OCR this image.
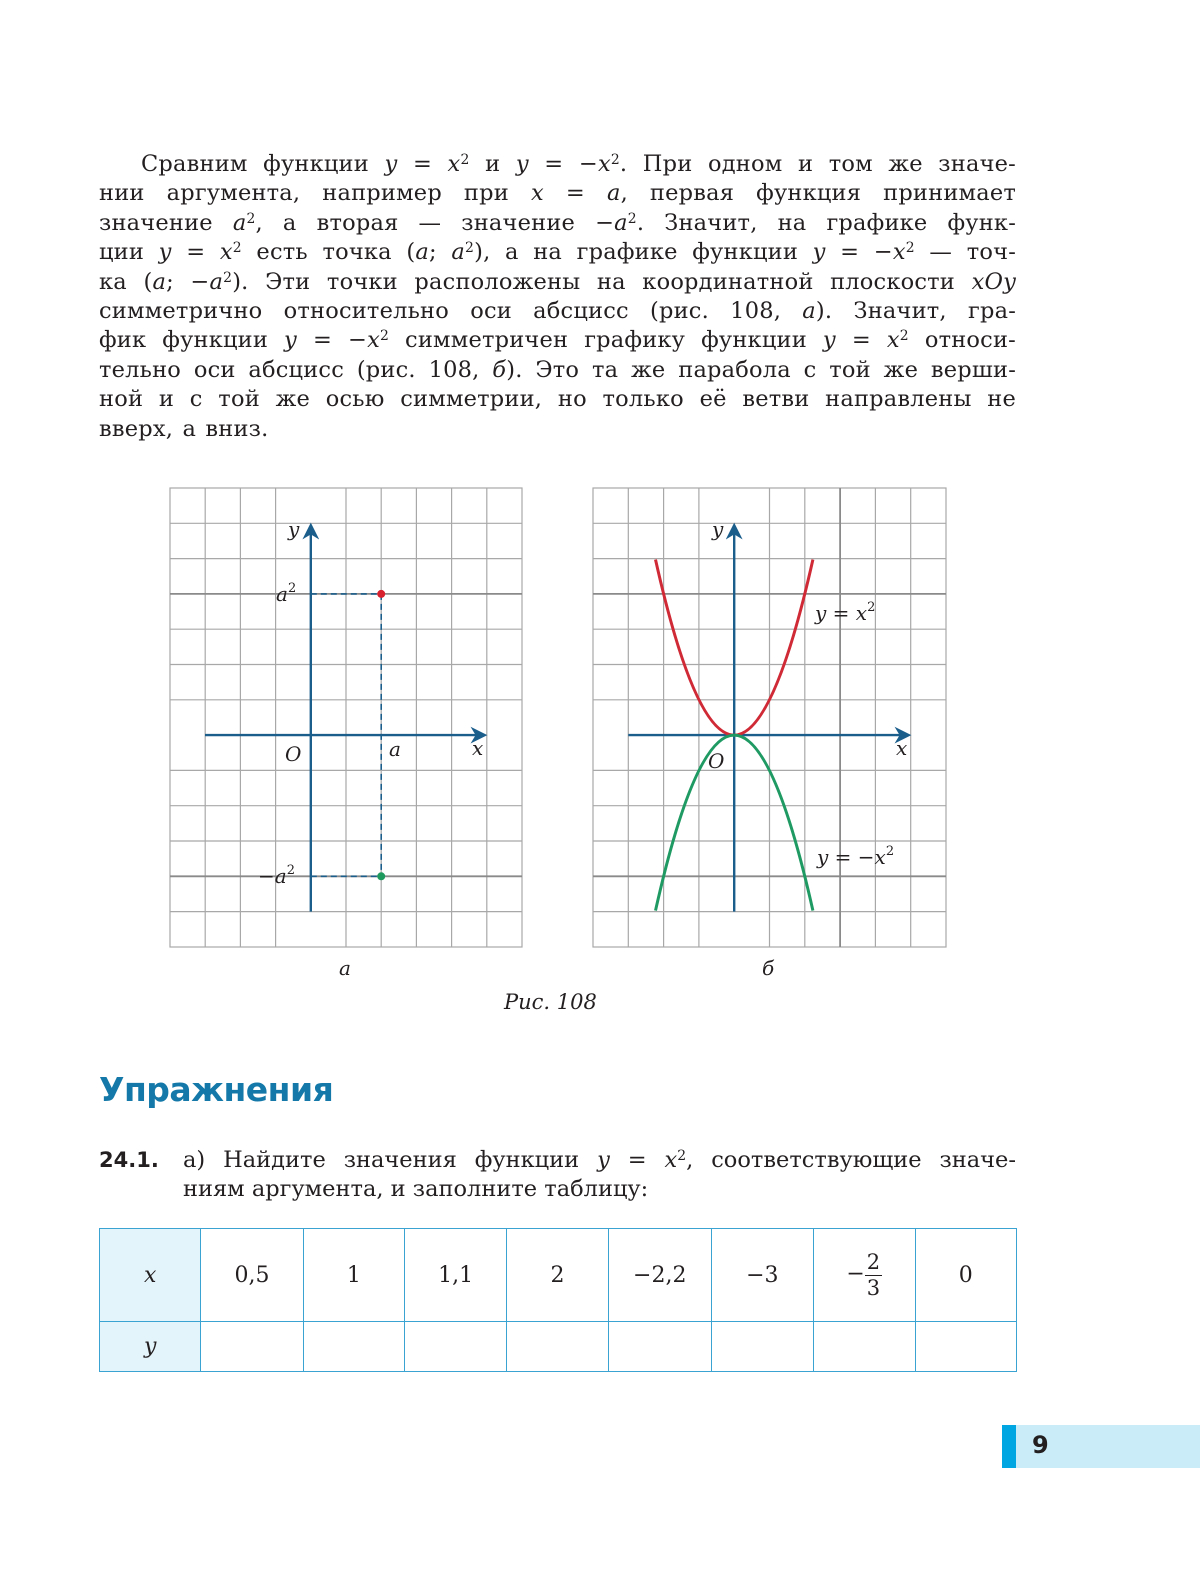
Сравним функции $y = x^2$ и $y = -x^2$. При одном и том же значе-
нии аргумента, например при x = a, первая функция принимает
значение $a^2$, а вторая — значение $-a^2$. Значит, на графике функ-
ции $y = x^2$ есть точка (a; $a^2$), а на графике функции $y = -x^2$ — точ-
ка (a; $-a^2$). Эти точки расположены на координатной плоскости xOy
симметрично относительно оси абсцисс (рис. 108, a). Значит, гра-
фик функции $y = -x^2$ симметричен графику функции $y = x^2$ относи-
тельно оси абсцисс (рис. 108, б). Это та же парабола с той же верши-
ной и с той же осью симметрии, но только её ветви направлены не
вверх, а вниз.
y
x
O	a
$a^2$
$-a^2$
y
x
O
$y = x^2$
$y = -x^2$
a	б
Рис. 108
Упражнения
24.1. а) Найдите значения функции $y = x^2$, соответствующие значе-
ниям аргумента, и заполните таблицу:
x	0,5	1	1,1	2	−2,2	−3	− $\frac{2}{3}$	0
y								
9
